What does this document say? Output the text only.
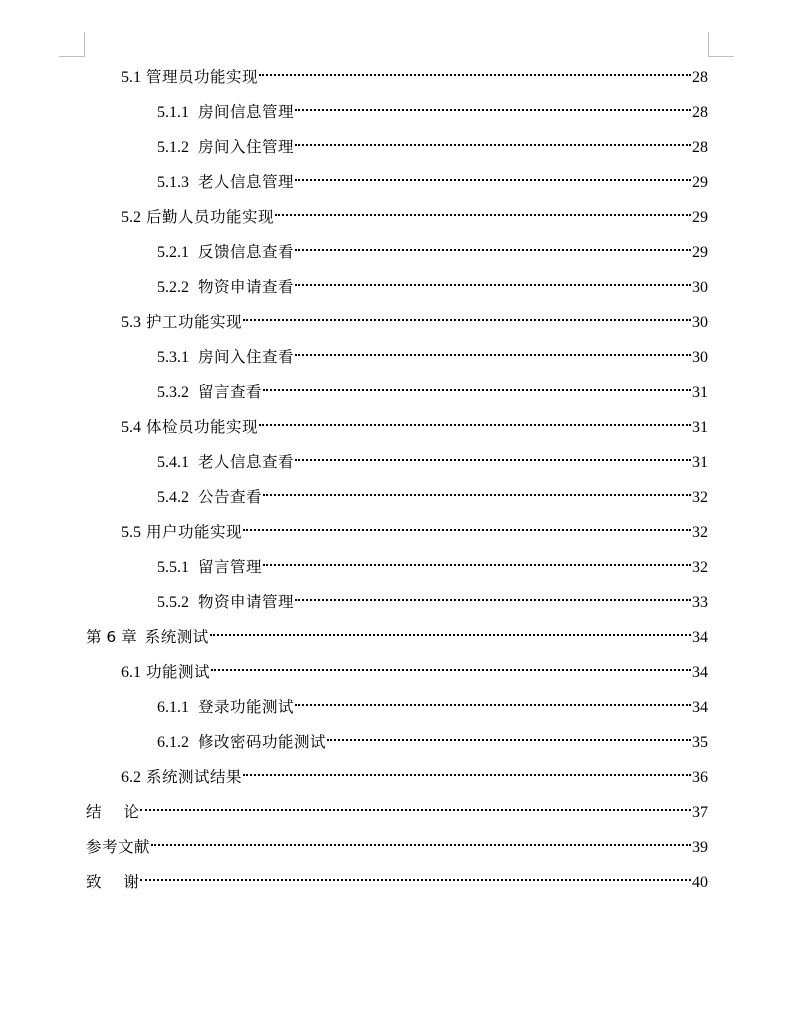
5.1 管理员功能实现	28
5.1.1 房间信息管理	28
5.1.2 房间入住管理	28
5.1.3 老人信息管理	29
5.2 后勤人员功能实现	29
5.2.1 反馈信息查看	29
5.2.2 物资申请查看	30
5.3 护工功能实现	30
5.3.1 房间入住查看	30
5.3.2 留言查看	31
5.4 体检员功能实现	31
5.4.1 老人信息查看	31
5.4.2 公告查看	32
5.5 用户功能实现	32
5.5.1 留言管理	32
5.5.2 物资申请管理	33
第 6 章 系统测试	34
6.1 功能测试	34
6.1.1 登录功能测试	34
6.1.2 修改密码功能测试	35
6.2 系统测试结果	36
结论	37
参考文献	39
致谢	40
